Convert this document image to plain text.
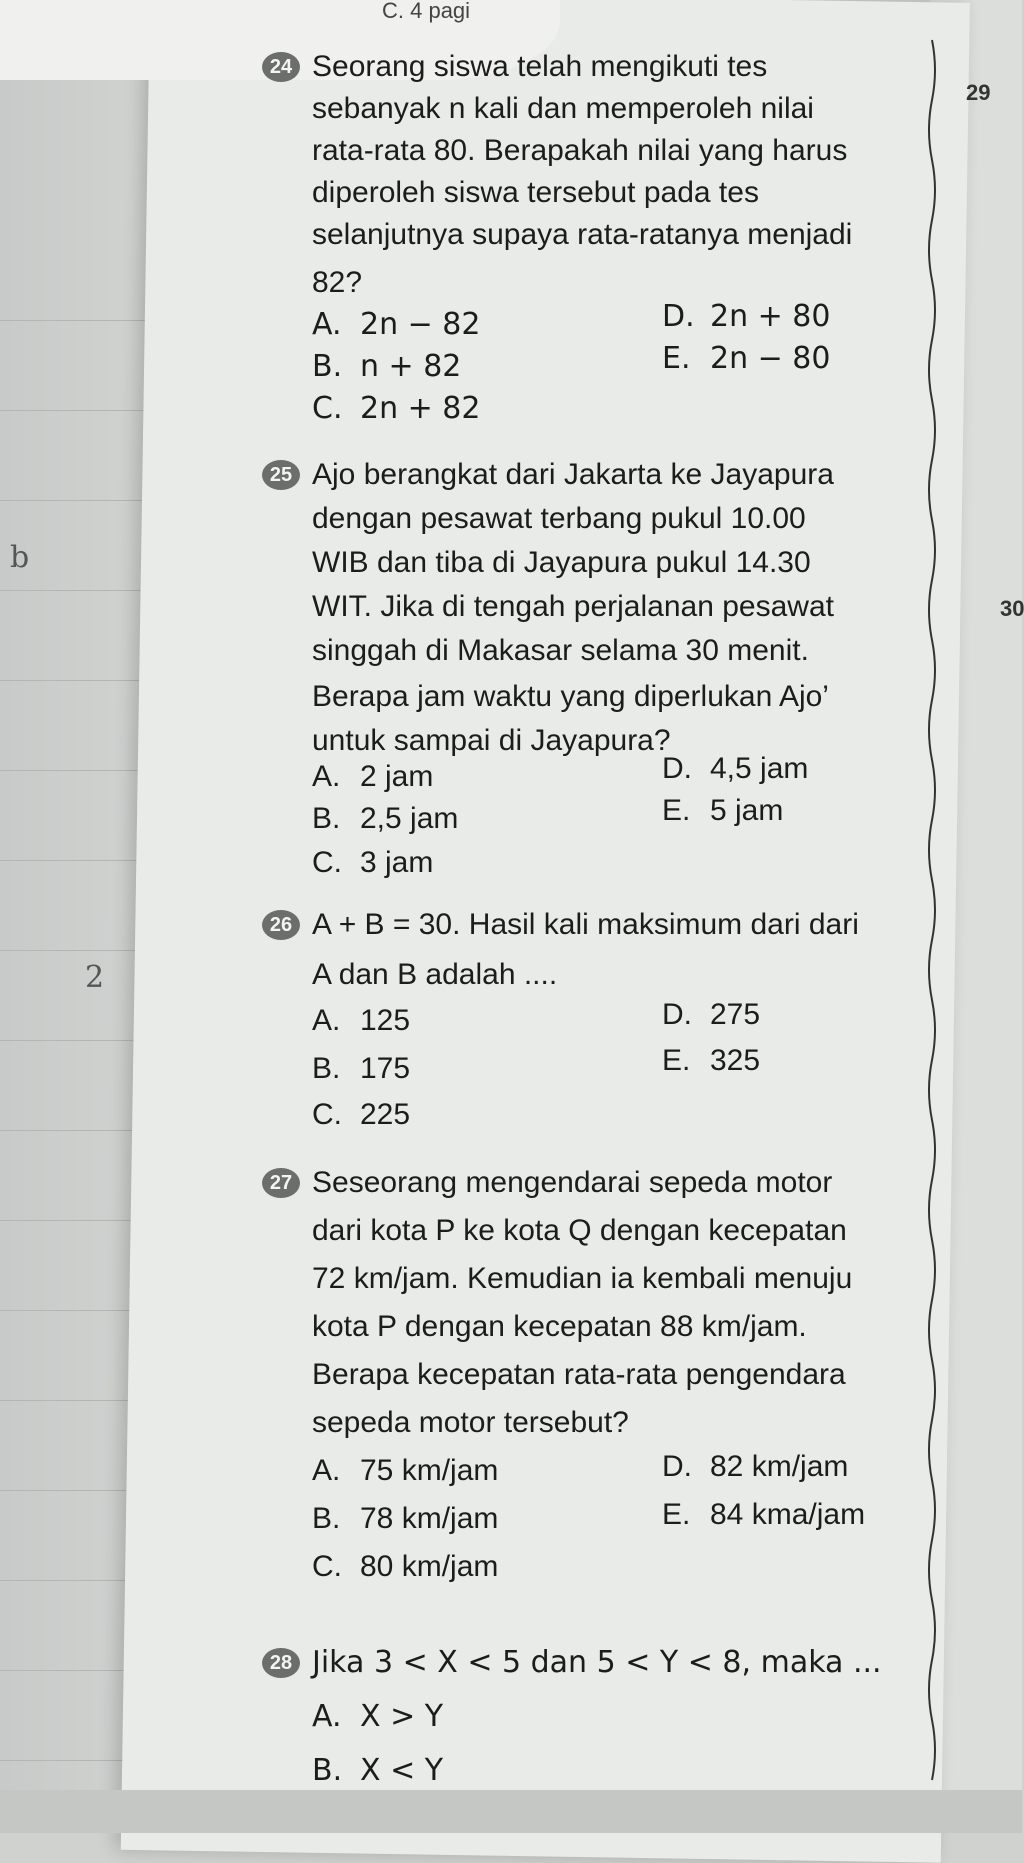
b
2
29
30
C. 4 pagi
24 Seorang siswa telah mengikuti tes
sebanyak n kali dan memperoleh nilai
rata-rata 80. Berapakah nilai yang harus
diperoleh siswa tersebut pada tes
selanjutnya supaya rata-ratanya menjadi
82?
A. 2n − 82
B. n + 82
C. 2n + 82
D. 2n + 80
E. 2n − 80
25 Ajo berangkat dari Jakarta ke Jayapura
dengan pesawat terbang pukul 10.00
WIB dan tiba di Jayapura pukul 14.30
WIT. Jika di tengah perjalanan pesawat
singgah di Makasar selama 30 menit.
Berapa jam waktu yang diperlukan Ajo’
untuk sampai di Jayapura?
A. 2 jam
B. 2,5 jam
C. 3 jam
D. 4,5 jam
E. 5 jam
26 A + B = 30. Hasil kali maksimum dari dari
A dan B adalah ....
A. 125
B. 175
C. 225
D. 275
E. 325
27 Seseorang mengendarai sepeda motor
dari kota P ke kota Q dengan kecepatan
72 km/jam. Kemudian ia kembali menuju
kota P dengan kecepatan 88 km/jam.
Berapa kecepatan rata-rata pengendara
sepeda motor tersebut?
A. 75 km/jam
B. 78 km/jam
C. 80 km/jam
D. 82 km/jam
E. 84 kma/jam
28 Jika 3 < X < 5 dan 5 < Y < 8, maka ...
A. X > Y
B. X < Y
